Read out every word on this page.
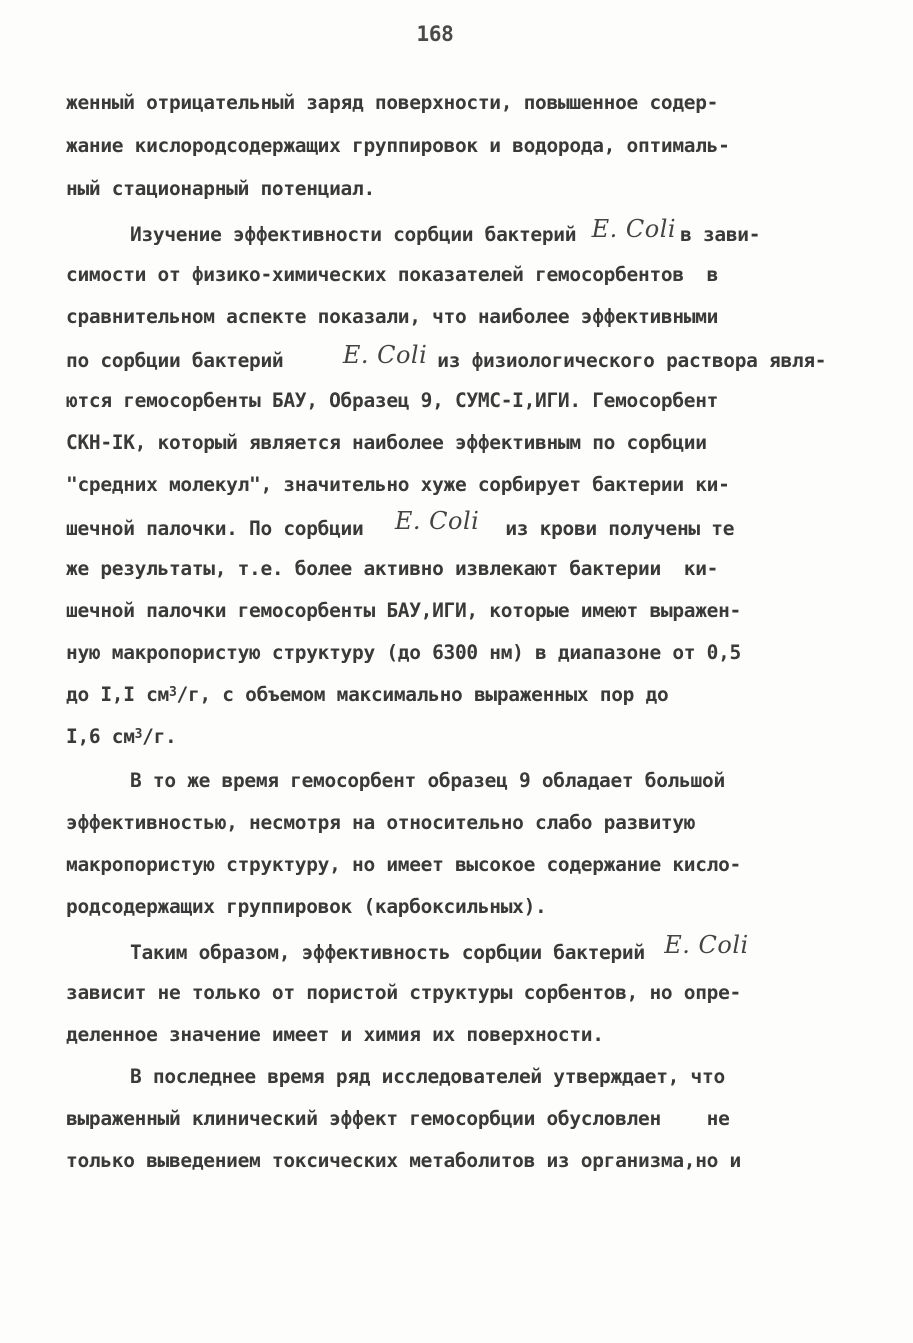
168
женный отрицательный заряд поверхности, повышенное содер-
жание кислородсодержащих группировок и водорода, оптималь-
ный стационарный потенциал.
Изучение эффективности сорбции бактерий E. Coli в зави-
симости от физико-химических показателей гемосорбентов  в
сравнительном аспекте показали, что наиболее эффективными
по сорбции бактерий E. Coli из физиологического раствора явля-
ются гемосорбенты БАУ, Образец 9, СУМС-I,ИГИ. Гемосорбент
СКН-IК, который является наиболее эффективным по сорбции
"средних молекул", значительно хуже сорбирует бактерии ки-
шечной палочки. По сорбции E. Coli из крови получены те
же результаты, т.е. более активно извлекают бактерии  ки-
шечной палочки гемосорбенты БАУ,ИГИ, которые имеют выражен-
ную макропористую структуру (до 6300 нм) в диапазоне от 0,5
до I,I $см^3/г$, с объемом максимально выраженных пор до
I,6 $см^3/г$.
В то же время гемосорбент образец 9 обладает большой
эффективностью, несмотря на относительно слабо развитую
макропористую структуру, но имеет высокое содержание кисло-
родсодержащих группировок (карбоксильных).
Таким образом, эффективность сорбции бактерий E. Coli
зависит не только от пористой структуры сорбентов, но опре-
деленное значение имеет и химия их поверхности.
В последнее время ряд исследователей утверждает, что
выраженный клинический эффект гемосорбции обусловлен    не
только выведением токсических метаболитов из организма,но и
